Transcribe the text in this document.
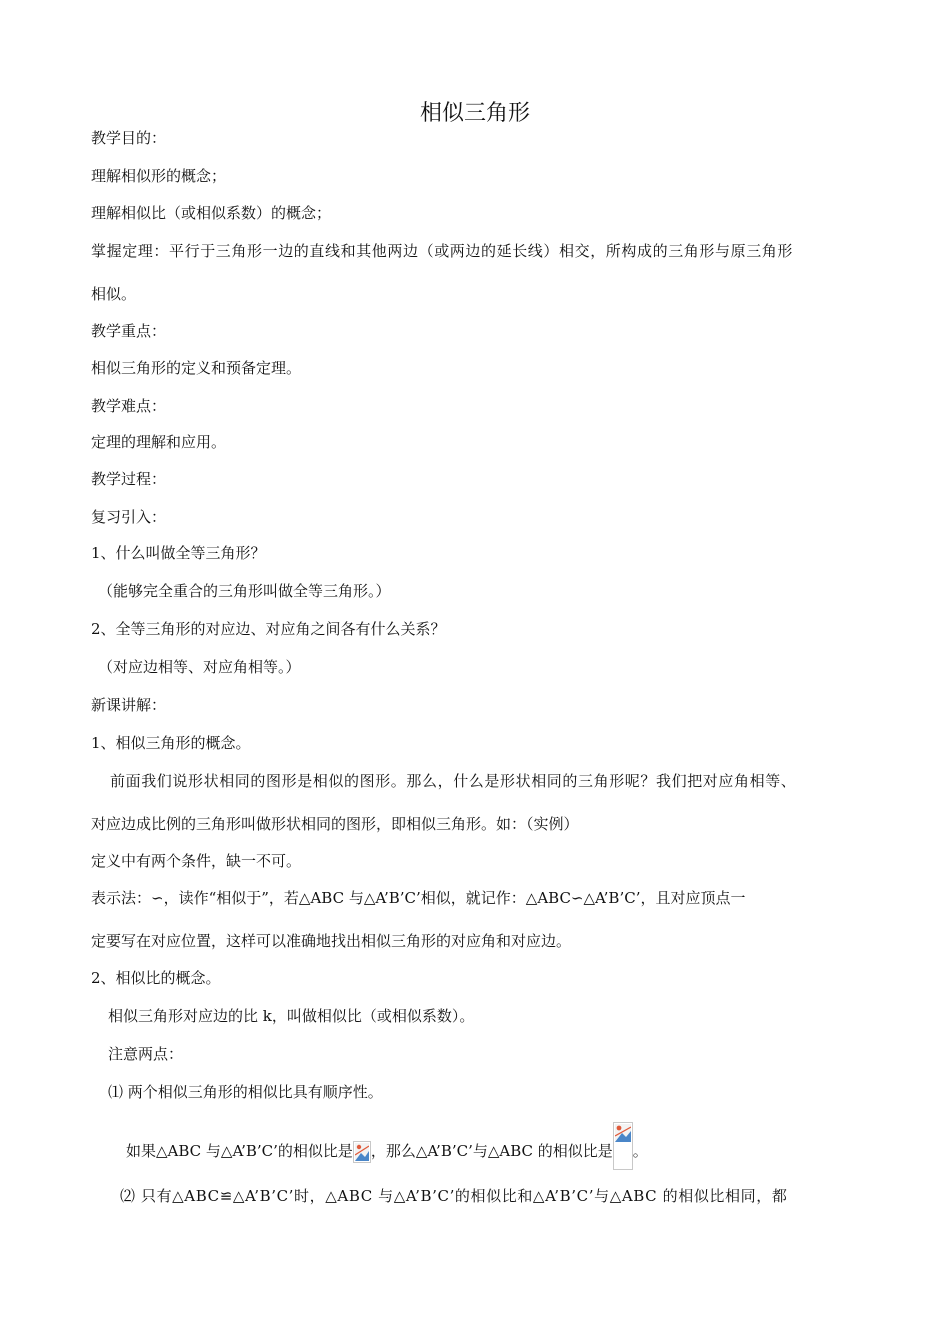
相似三角形
教学目的：
理解相似形的概念；
理解相似比（或相似系数）的概念；
掌握定理：平行于三角形一边的直线和其他两边（或两边的延长线）相交，所构成的三角形与原三角形
相似。
教学重点：
相似三角形的定义和预备定理。
教学难点：
定理的理解和应用。
教学过程：
复习引入：
1、什么叫做全等三角形？
（能够完全重合的三角形叫做全等三角形。）
2、全等三角形的对应边、对应角之间各有什么关系？
（对应边相等、对应角相等。）
新课讲解：
1、相似三角形的概念。
前面我们说形状相同的图形是相似的图形。那么，什么是形状相同的三角形呢？我们把对应角相等、
对应边成比例的三角形叫做形状相同的图形，即相似三角形。如：（实例）
定义中有两个条件，缺一不可。
表示法：∽，读作“相似于”，若△ABC 与△A’B’C’相似，就记作：△ABC∽△A’B’C’，且对应顶点一
定要写在对应位置，这样可以准确地找出相似三角形的对应角和对应边。
2、相似比的概念。
相似三角形对应边的比 k，叫做相似比（或相似系数）。
注意两点：
⑴ 两个相似三角形的相似比具有顺序性。
如果△ABC 与△A’B’C’的相似比是 ，那么△A’B’C’与△ABC 的相似比是 。
⑵ 只有△ABC≌△A’B’C’时，△ABC 与△A’B’C’的相似比和△A’B’C’与△ABC 的相似比相同，都
